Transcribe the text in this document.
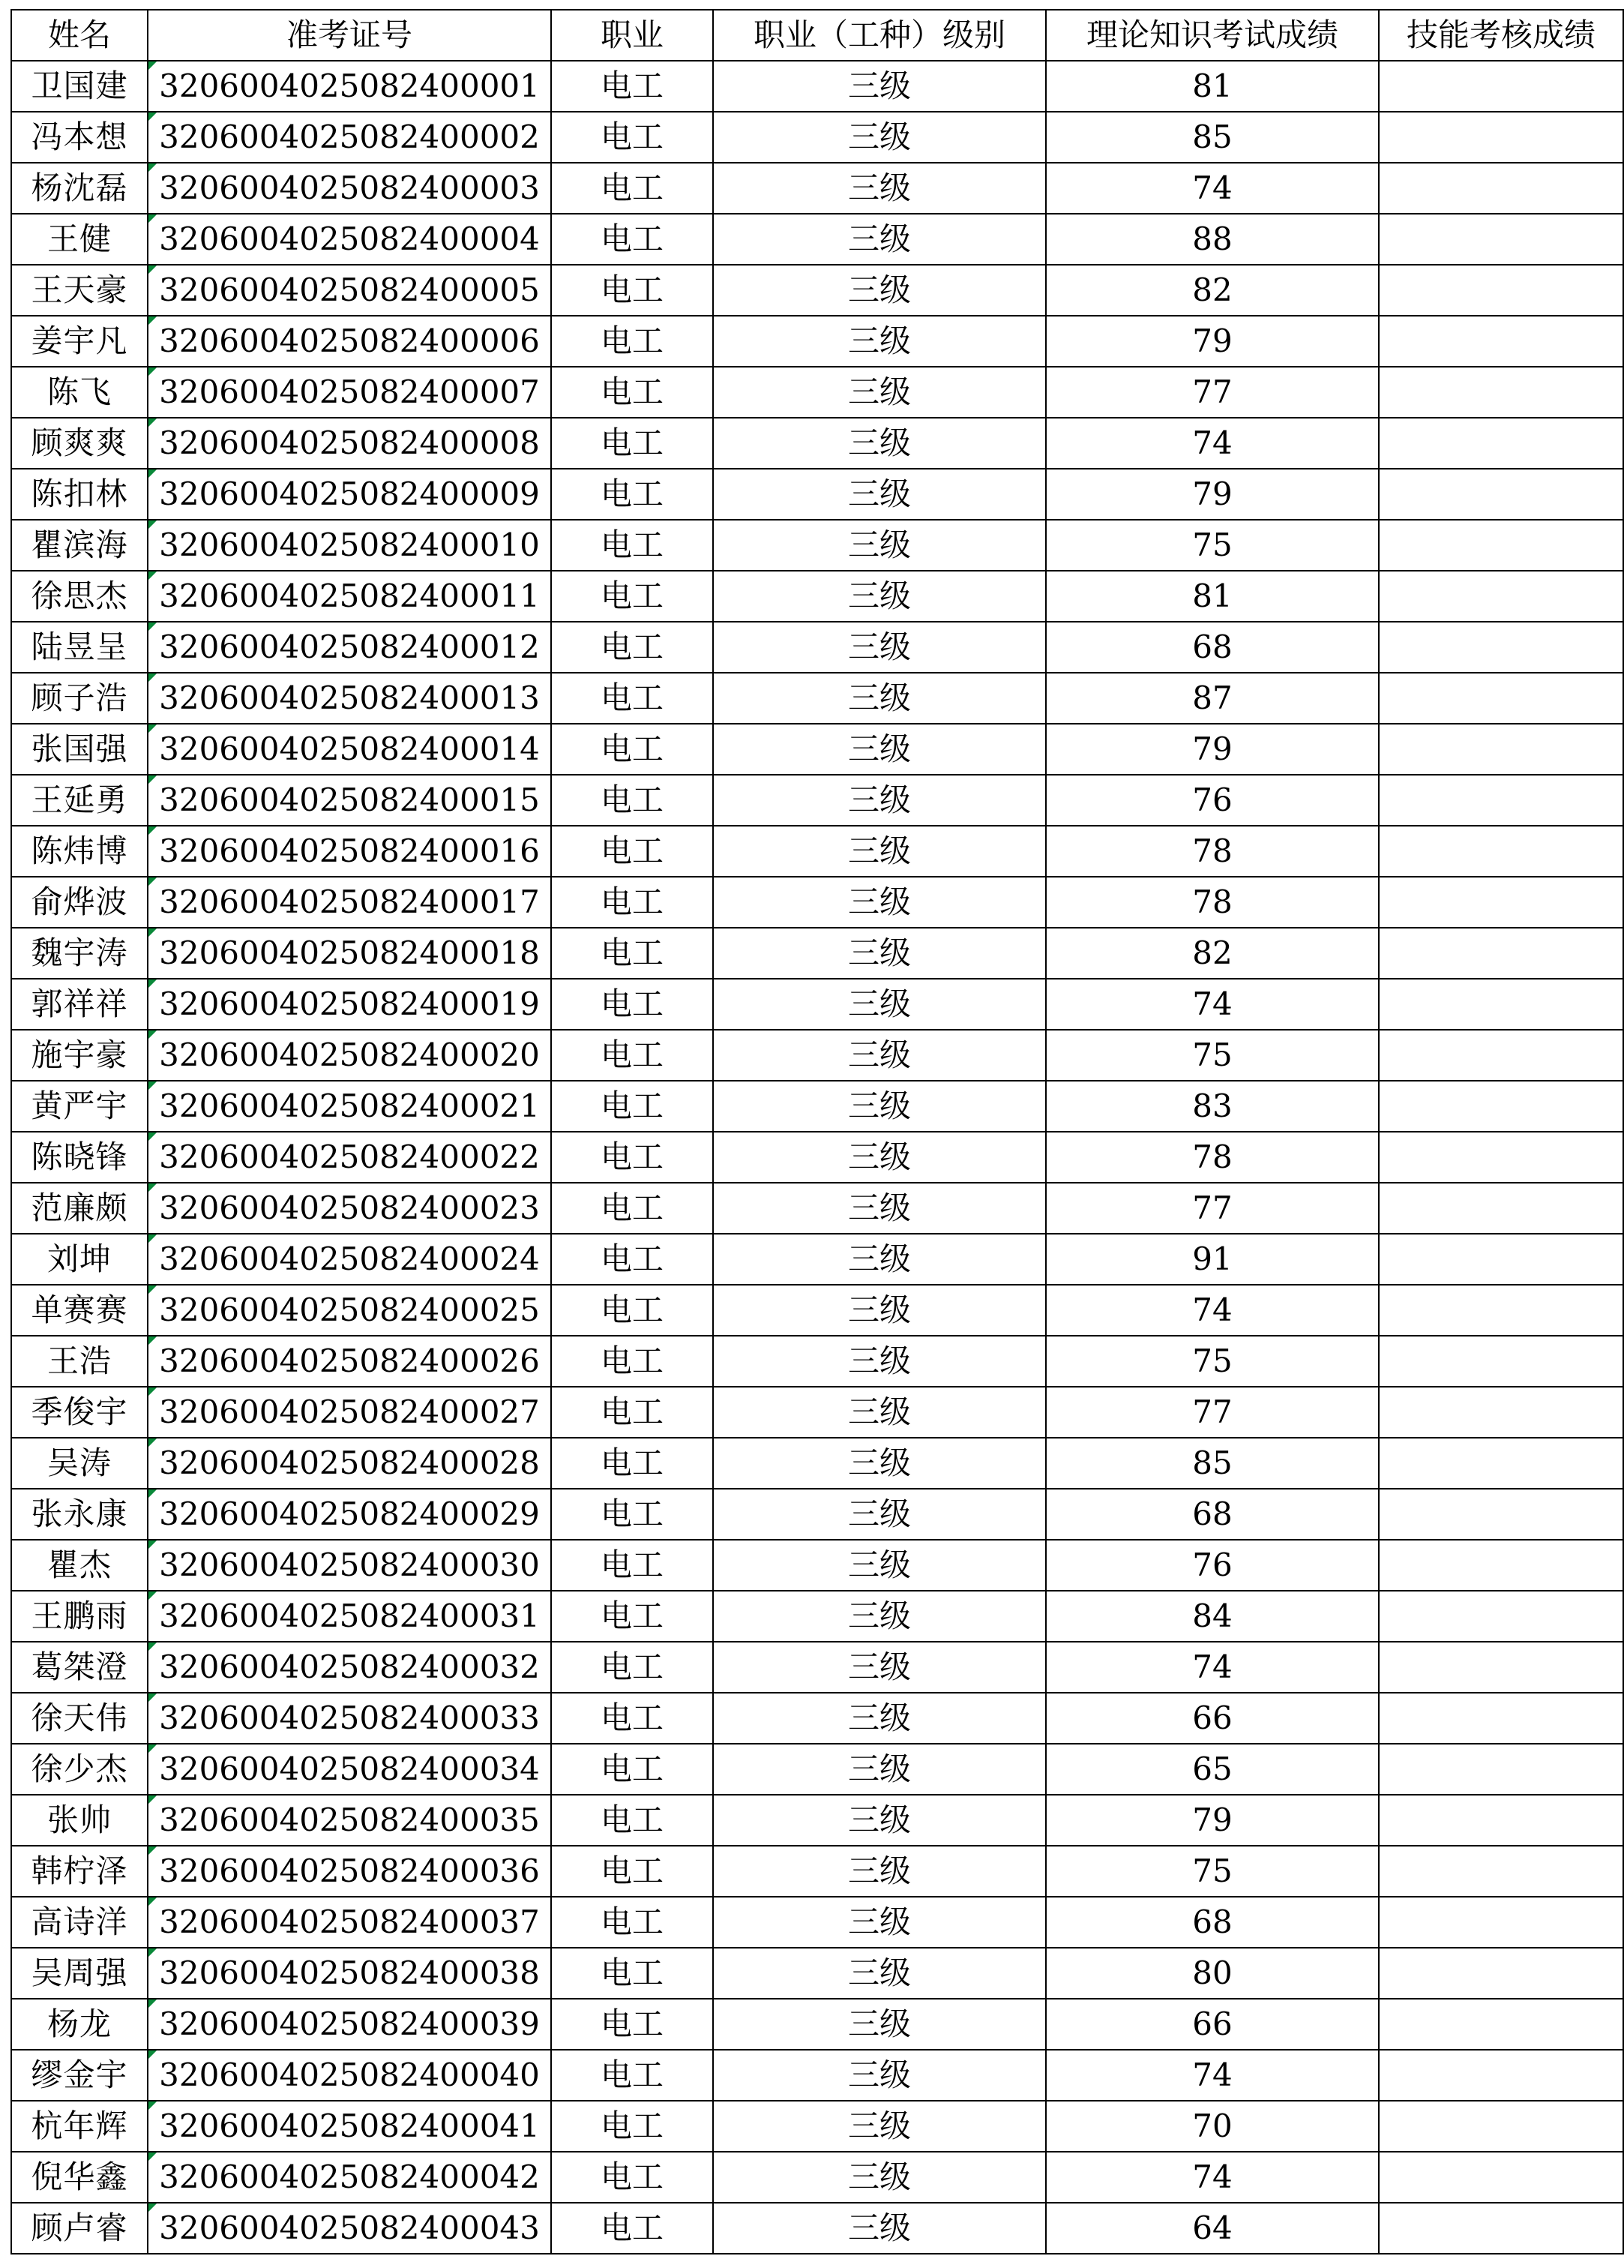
姓名	准考证号	职业	职业（工种）级别	理论知识考试成绩	技能考核成绩
卫国建	3206004025082400001	电工	三级	81	
冯本想	3206004025082400002	电工	三级	85	
杨沈磊	3206004025082400003	电工	三级	74	
王健	3206004025082400004	电工	三级	88	
王天豪	3206004025082400005	电工	三级	82	
姜宇凡	3206004025082400006	电工	三级	79	
陈飞	3206004025082400007	电工	三级	77	
顾爽爽	3206004025082400008	电工	三级	74	
陈扣林	3206004025082400009	电工	三级	79	
瞿滨海	3206004025082400010	电工	三级	75	
徐思杰	3206004025082400011	电工	三级	81	
陆昱呈	3206004025082400012	电工	三级	68	
顾子浩	3206004025082400013	电工	三级	87	
张国强	3206004025082400014	电工	三级	79	
王延勇	3206004025082400015	电工	三级	76	
陈炜博	3206004025082400016	电工	三级	78	
俞烨波	3206004025082400017	电工	三级	78	
魏宇涛	3206004025082400018	电工	三级	82	
郭祥祥	3206004025082400019	电工	三级	74	
施宇豪	3206004025082400020	电工	三级	75	
黄严宇	3206004025082400021	电工	三级	83	
陈晓锋	3206004025082400022	电工	三级	78	
范廉颇	3206004025082400023	电工	三级	77	
刘坤	3206004025082400024	电工	三级	91	
单赛赛	3206004025082400025	电工	三级	74	
王浩	3206004025082400026	电工	三级	75	
季俊宇	3206004025082400027	电工	三级	77	
吴涛	3206004025082400028	电工	三级	85	
张永康	3206004025082400029	电工	三级	68	
瞿杰	3206004025082400030	电工	三级	76	
王鹏雨	3206004025082400031	电工	三级	84	
葛桀澄	3206004025082400032	电工	三级	74	
徐天伟	3206004025082400033	电工	三级	66	
徐少杰	3206004025082400034	电工	三级	65	
张帅	3206004025082400035	电工	三级	79	
韩柠泽	3206004025082400036	电工	三级	75	
高诗洋	3206004025082400037	电工	三级	68	
吴周强	3206004025082400038	电工	三级	80	
杨龙	3206004025082400039	电工	三级	66	
缪金宇	3206004025082400040	电工	三级	74	
杭年辉	3206004025082400041	电工	三级	70	
倪华鑫	3206004025082400042	电工	三级	74	
顾卢睿	3206004025082400043	电工	三级	64	
